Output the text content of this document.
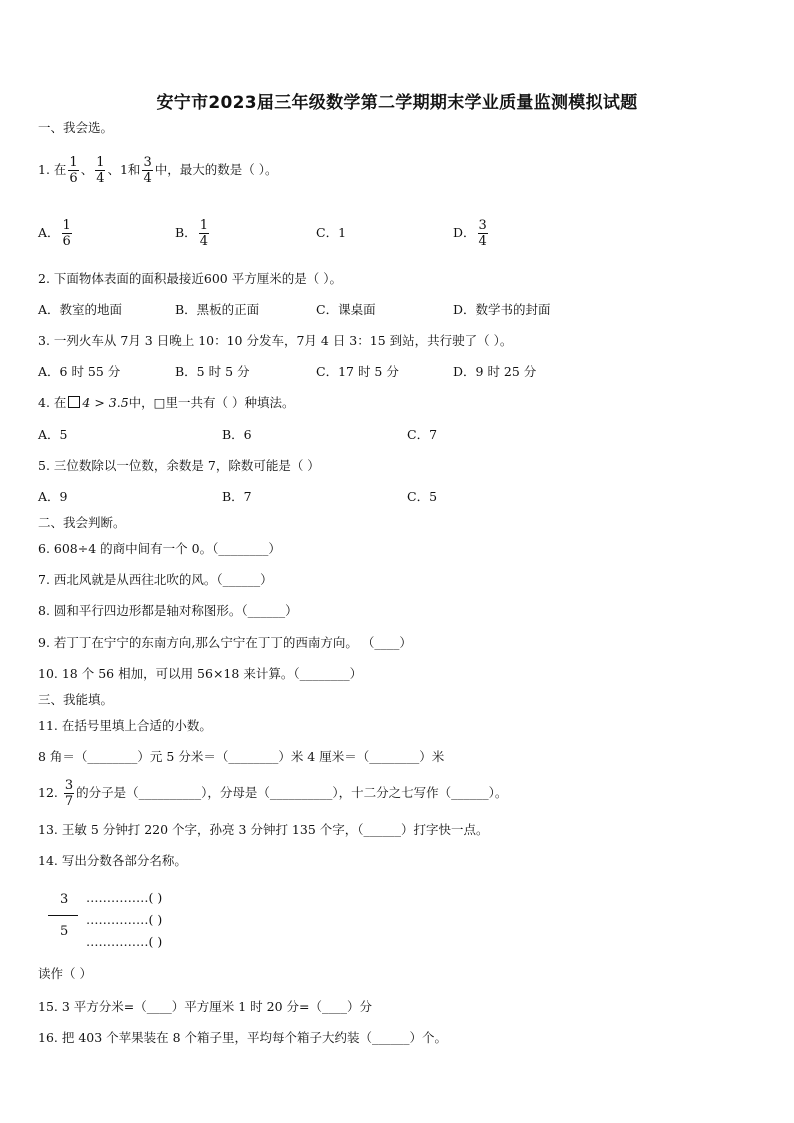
安宁市2023届三年级数学第二学期期末学业质量监测模拟试题
一、我会选。
1. 在 $\frac{1}{6}$ 、 $\frac{1}{4}$ 、1和 $\frac{3}{4}$ 中，最大的数是（ ）。
A． $\frac{1}{6}$	B． $\frac{1}{4}$	C．1	D． $\frac{3}{4}$
2. 下面物体表面的面积最接近600 平方厘米的是（ ）。
A．教室的地面	B．黑板的正面	C．课桌面	D．数学书的封面
3. 一列火车从 7月 3 日晚上 10：10 分发车，7月 4 日 3：15 到站，共行驶了（ ）。
A．6 时 55 分	B．5 时 5 分	C．17 时 5 分	D．9 时 25 分
4. 在 4 > 3.5中，□里一共有（ ）种填法。
A．5	B．6	C．7
5. 三位数除以一位数，余数是 7，除数可能是（ ）
A．9	B．7	C．5
二、我会判断。
6. 608÷4 的商中间有一个 0。（________）
7. 西北风就是从西往北吹的风。（______）
8. 圆和平行四边形都是轴对称图形。（______）
9. 若丁丁在宁宁的东南方向,那么宁宁在丁丁的西南方向。 （____）
10. 18 个 56 相加，可以用 56×18 来计算。（________）
三、我能填。
11. 在括号里填上合适的小数。
8 角＝（________）元 5 分米＝（________）米 4 厘米＝（________）米
12. $\frac{3}{7}$ 的分子是（__________），分母是（__________），十二分之七写作（______）。
13. 王敏 5 分钟打 220 个字，孙亮 3 分钟打 135 个字，（______）打字快一点。
14. 写出分数各部分名称。
3
5
……………( )
……………( )
……………( )
读作（ ）
15. 3 平方分米=（____）平方厘米 1 时 20 分=（____）分
16. 把 403 个苹果装在 8 个箱子里，平均每个箱子大约装（______）个。
